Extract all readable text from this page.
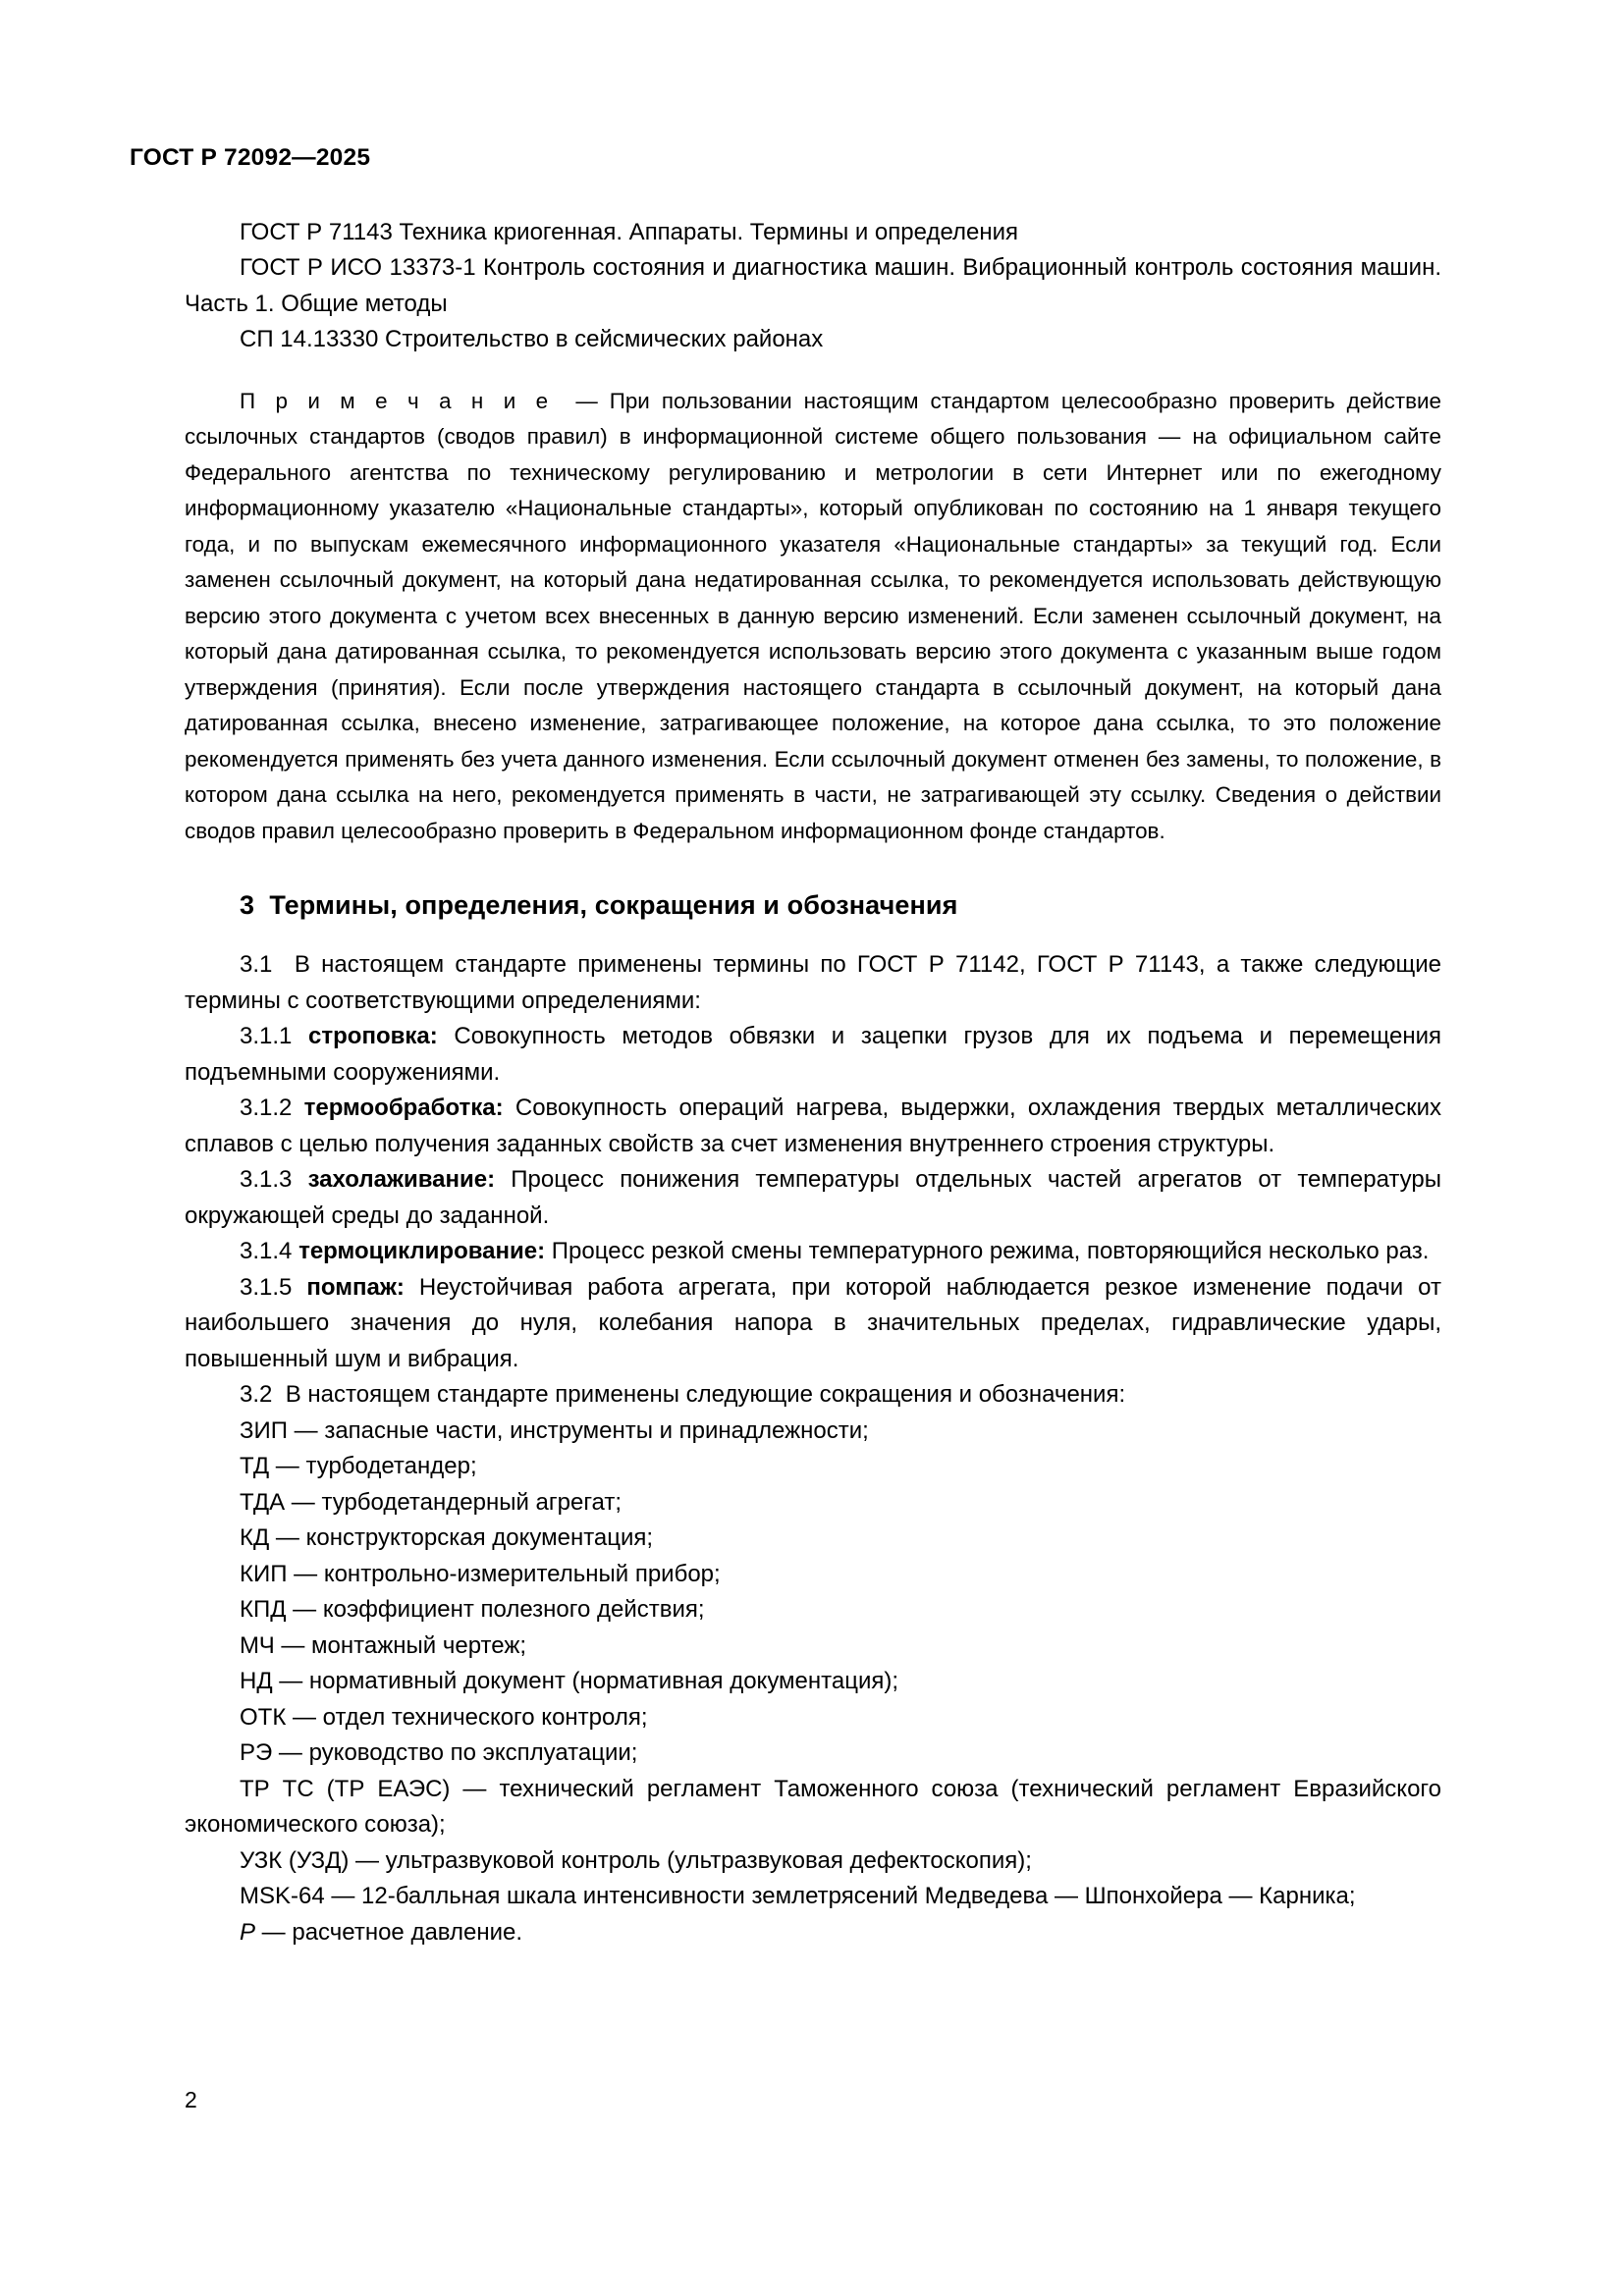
ГОСТ Р 72092—2025

ГОСТ Р 71143 Техника криогенная. Аппараты. Термины и определения

ГОСТ Р ИСО 13373-1 Контроль состояния и диагностика машин. Вибрационный контроль состояния машин. Часть 1. Общие методы

СП 14.13330 Строительство в сейсмических районах

П р и м е ч а н и е — При пользовании настоящим стандартом целесообразно проверить действие ссылочных стандартов (сводов правил) в информационной системе общего пользования — на официальном сайте Федерального агентства по техническому регулированию и метрологии в сети Интернет или по ежегодному информационному указателю «Национальные стандарты», который опубликован по состоянию на 1 января текущего года, и по выпускам ежемесячного информационного указателя «Национальные стандарты» за текущий год. Если заменен ссылочный документ, на который дана недатированная ссылка, то рекомендуется использовать действующую версию этого документа с учетом всех внесенных в данную версию изменений. Если заменен ссылочный документ, на который дана датированная ссылка, то рекомендуется использовать версию этого документа с указанным выше годом утверждения (принятия). Если после утверждения настоящего стандарта в ссылочный документ, на который дана датированная ссылка, внесено изменение, затрагивающее положение, на которое дана ссылка, то это положение рекомендуется применять без учета данного изменения. Если ссылочный документ отменен без замены, то положение, в котором дана ссылка на него, рекомендуется применять в части, не затрагивающей эту ссылку. Сведения о действии сводов правил целесообразно проверить в Федеральном информационном фонде стандартов.

3 Термины, определения, сокращения и обозначения

3.1 В настоящем стандарте применены термины по ГОСТ Р 71142, ГОСТ Р 71143, а также следующие термины с соответствующими определениями:

3.1.1 строповка: Совокупность методов обвязки и зацепки грузов для их подъема и перемещения подъемными сооружениями.

3.1.2 термообработка: Совокупность операций нагрева, выдержки, охлаждения твердых металлических сплавов с целью получения заданных свойств за счет изменения внутреннего строения структуры.

3.1.3 захолаживание: Процесс понижения температуры отдельных частей агрегатов от температуры окружающей среды до заданной.

3.1.4 термоциклирование: Процесс резкой смены температурного режима, повторяющийся несколько раз.

3.1.5 помпаж: Неустойчивая работа агрегата, при которой наблюдается резкое изменение подачи от наибольшего значения до нуля, колебания напора в значительных пределах, гидравлические удары, повышенный шум и вибрация.

3.2 В настоящем стандарте применены следующие сокращения и обозначения:

ЗИП — запасные части, инструменты и принадлежности;

ТД — турбодетандер;

ТДА — турбодетандерный агрегат;

КД — конструкторская документация;

КИП — контрольно-измерительный прибор;

КПД — коэффициент полезного действия;

МЧ — монтажный чертеж;

НД — нормативный документ (нормативная документация);

ОТК — отдел технического контроля;

РЭ — руководство по эксплуатации;

ТР ТС (ТР ЕАЭС) — технический регламент Таможенного союза (технический регламент Евразийского экономического союза);

УЗК (УЗД) — ультразвуковой контроль (ультразвуковая дефектоскопия);

MSK-64 — 12-балльная шкала интенсивности землетрясений Медведева — Шпонхойера — Карника;

Р — расчетное давление.

2
